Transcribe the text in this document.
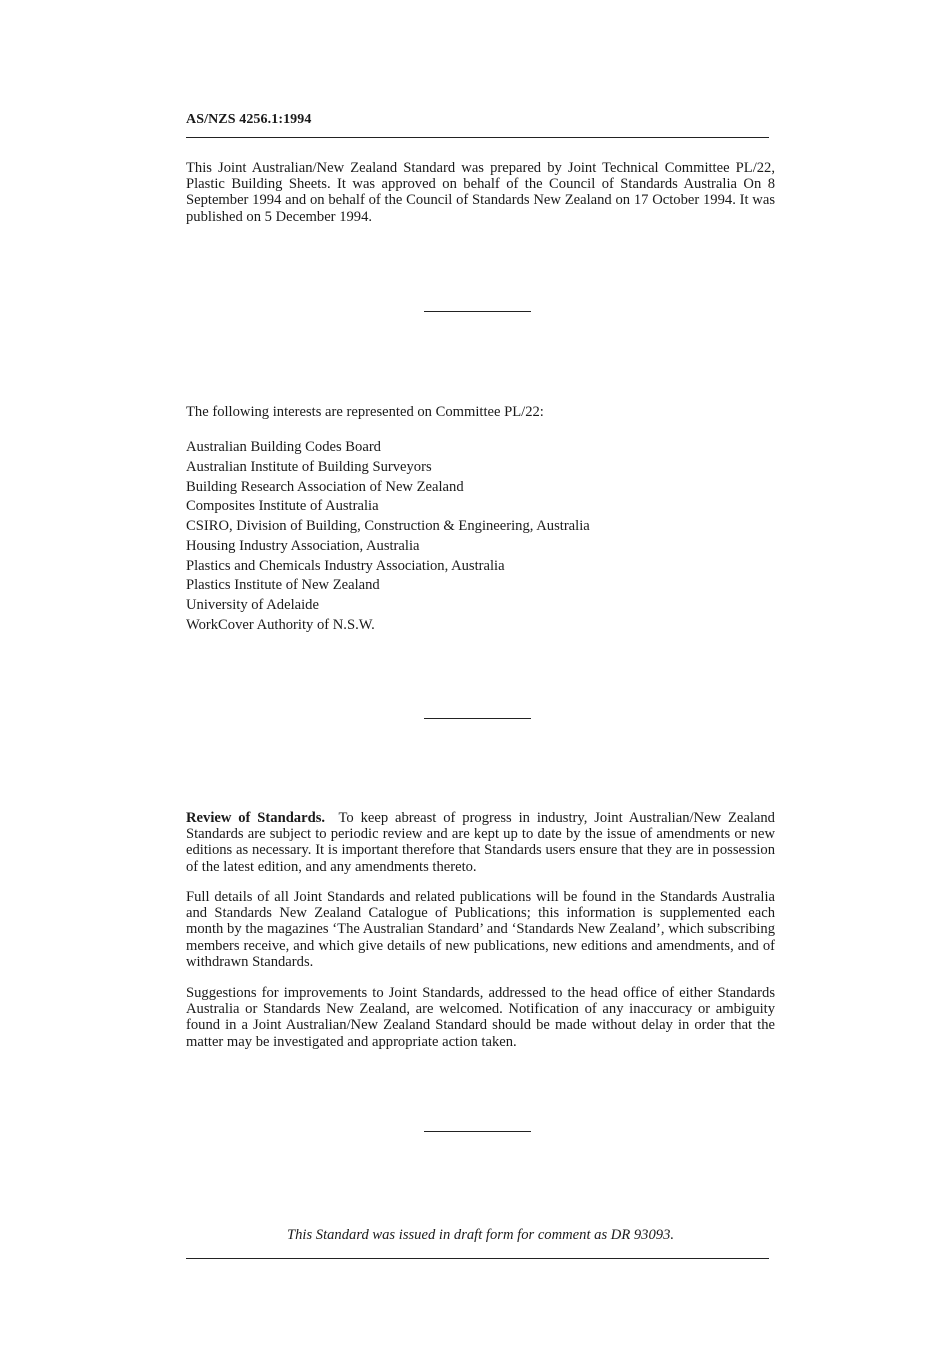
AS/NZS 4256.1:1994

This Joint Australian/New Zealand Standard was prepared by Joint Technical Committee PL/22, Plastic Building Sheets. It was approved on behalf of the Council of Standards Australia On 8 September 1994 and on behalf of the Council of Standards New Zealand on 17 October 1994. It was published on 5 December 1994.

The following interests are represented on Committee PL/22:
Australian Building Codes Board
Australian Institute of Building Surveyors
Building Research Association of New Zealand
Composites Institute of Australia
CSIRO, Division of Building, Construction & Engineering, Australia
Housing Industry Association, Australia
Plastics and Chemicals Industry Association, Australia
Plastics Institute of New Zealand
University of Adelaide
WorkCover Authority of N.S.W.

Review of Standards. To keep abreast of progress in industry, Joint Australian/New Zealand Standards are subject to periodic review and are kept up to date by the issue of amendments or new editions as necessary. It is important therefore that Standards users ensure that they are in possession of the latest edition, and any amendments thereto.

Full details of all Joint Standards and related publications will be found in the Standards Australia and Standards New Zealand Catalogue of Publications; this information is supplemented each month by the magazines ‘The Australian Standard’ and ‘Standards New Zealand’, which subscribing members receive, and which give details of new publications, new editions and amendments, and of withdrawn Standards.

Suggestions for improvements to Joint Standards, addressed to the head office of either Standards Australia or Standards New Zealand, are welcomed. Notification of any inaccuracy or ambiguity found in a Joint Australian/New Zealand Standard should be made without delay in order that the matter may be investigated and appropriate action taken.

This Standard was issued in draft form for comment as DR 93093.
